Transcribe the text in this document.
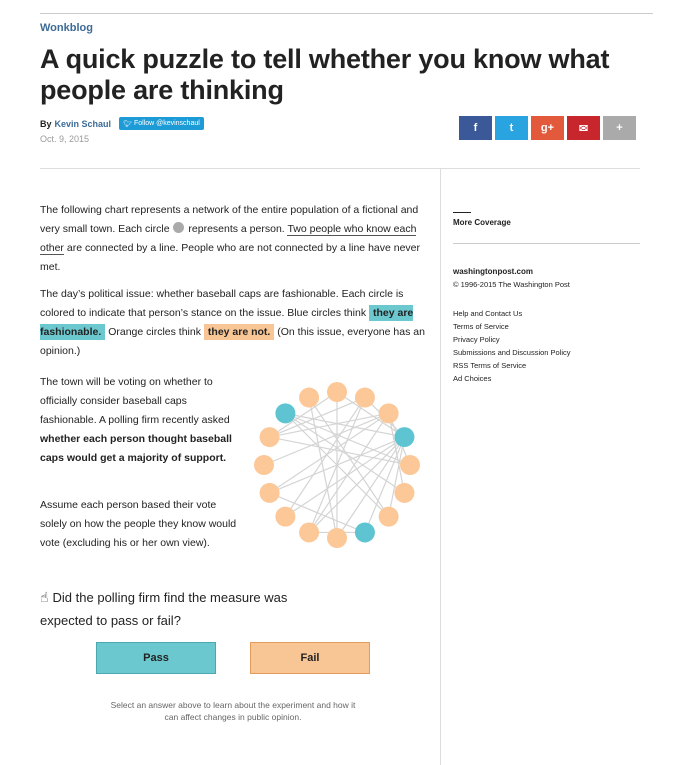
Wonkblog
A quick puzzle to tell whether you know what people are thinking
By Kevin Schaul 🐦︎ Follow @kevinschaul
Oct. 9, 2015
f	t	g+ ✉	+

The following chart represents a network of the entire population of a fictional and very small town. Each circle represents a person. Two people who know each other are connected by a line. People who are not connected by a line have never met.

The day’s political issue: whether baseball caps are fashionable. Each circle is colored to indicate that person’s stance on the issue. Blue circles think they are fashionable. Orange circles think they are not. (On this issue, everyone has an opinion.)

The town will be voting on whether to officially consider baseball caps fashionable. A polling firm recently asked whether each person thought baseball caps would get a majority of support.

Assume each person based their vote solely on how the people they know would vote (excluding his or her own view).

☝︎ Did the polling firm find the measure was expected to pass or fail?

Pass	Fail

Select an answer above to learn about the experiment and how it can affect changes in public opinion.

More Coverage
washingtonpost.com
© 1996-2015 The Washington Post
Help and Contact Us
Terms of Service
Privacy Policy
Submissions and Discussion Policy
RSS Terms of Service
Ad Choices
